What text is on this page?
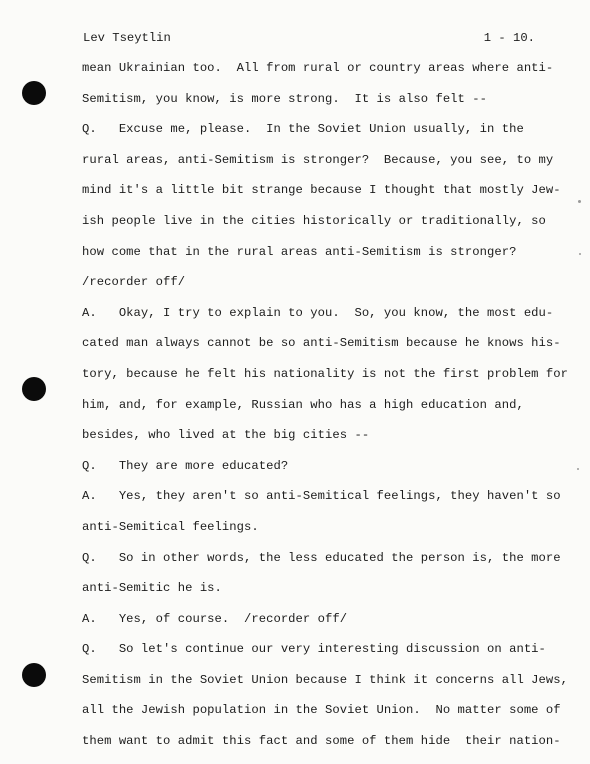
Lev Tseytlin	1 - 10.
mean Ukrainian too.  All from rural or country areas where anti-
Semitism, you know, is more strong.  It is also felt --
Q.   Excuse me, please.  In the Soviet Union usually, in the
rural areas, anti-Semitism is stronger?  Because, you see, to my
mind it's a little bit strange because I thought that mostly Jew-
ish people live in the cities historically or traditionally, so
how come that in the rural areas anti-Semitism is stronger?
/recorder off/
A.   Okay, I try to explain to you.  So, you know, the most edu-
cated man always cannot be so anti-Semitism because he knows his-
tory, because he felt his nationality is not the first problem for
him, and, for example, Russian who has a high education and,
besides, who lived at the big cities --
Q.   They are more educated?
A.   Yes, they aren't so anti-Semitical feelings, they haven't so
anti-Semitical feelings.
Q.   So in other words, the less educated the person is, the more
anti-Semitic he is.
A.   Yes, of course.  /recorder off/
Q.   So let's continue our very interesting discussion on anti-
Semitism in the Soviet Union because I think it concerns all Jews,
all the Jewish population in the Soviet Union.  No matter some of
them want to admit this fact and some of them hide  their nation-
